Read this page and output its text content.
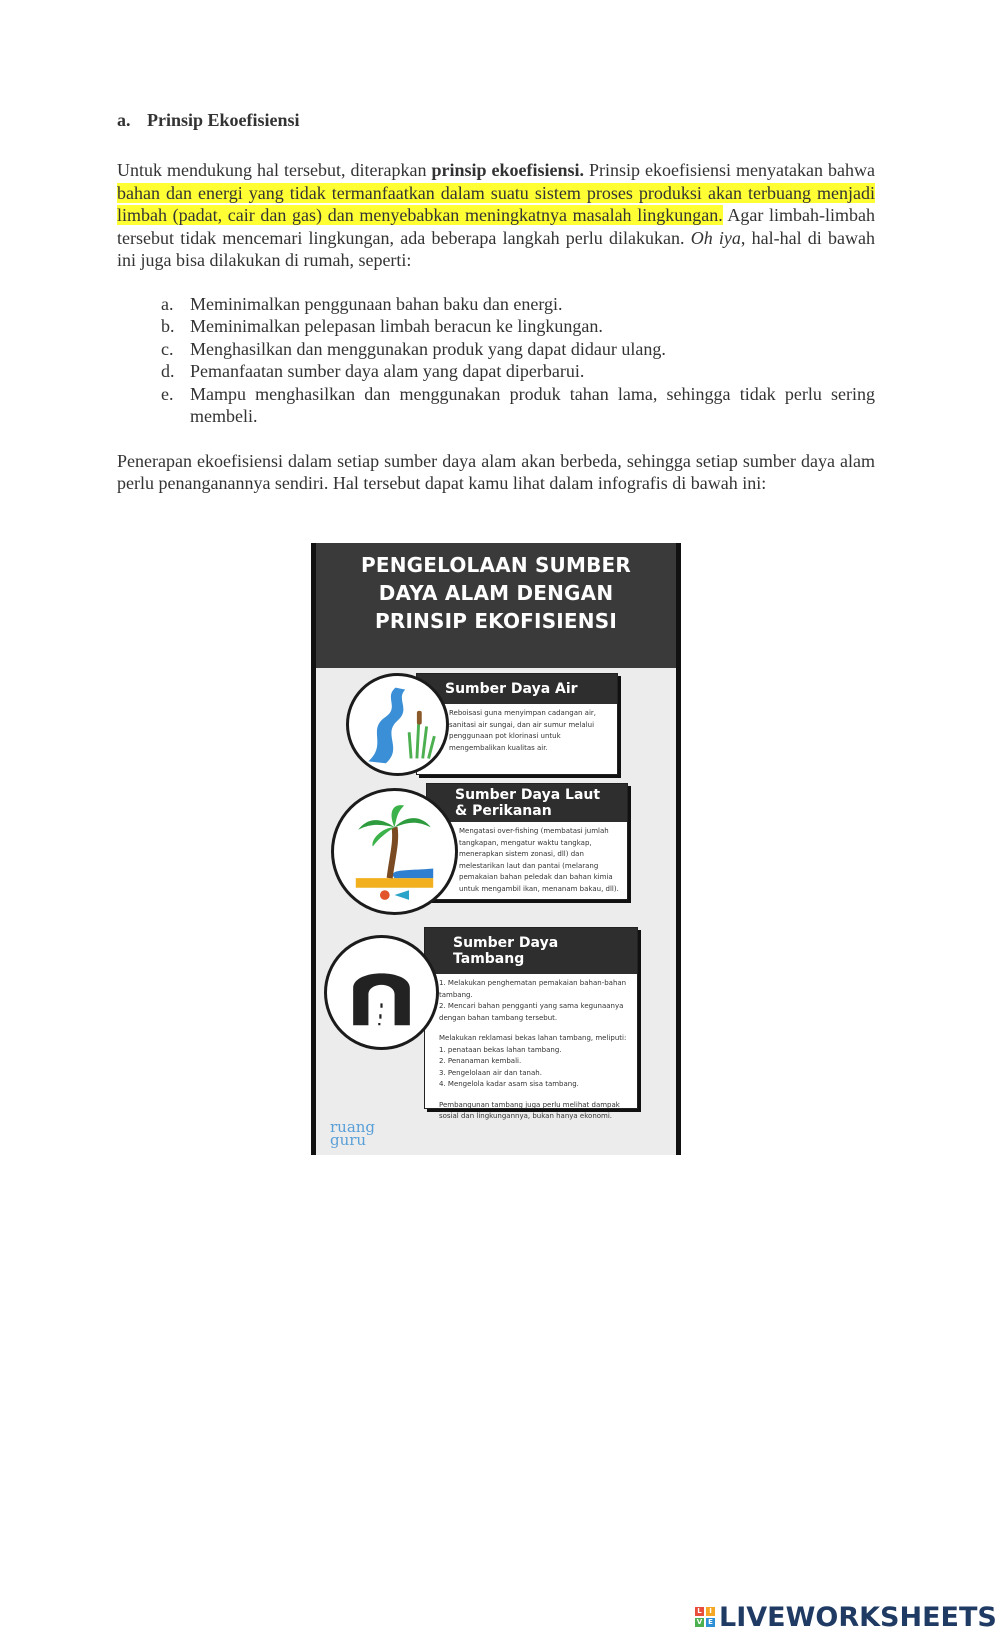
a. Prinsip Ekoefisiensi

Untuk mendukung hal tersebut, diterapkan prinsip ekoefisiensi. Prinsip ekoefisiensi menyatakan bahwa bahan dan energi yang tidak termanfaatkan dalam suatu sistem proses produksi akan terbuang menjadi limbah (padat, cair dan gas) dan menyebabkan meningkatnya masalah lingkungan. Agar limbah-limbah tersebut tidak mencemari lingkungan, ada beberapa langkah perlu dilakukan. Oh iya, hal-hal di bawah ini juga bisa dilakukan di rumah, seperti:

a. Meminimalkan penggunaan bahan baku dan energi.
b. Meminimalkan pelepasan limbah beracun ke lingkungan.
c. Menghasilkan dan menggunakan produk yang dapat didaur ulang.
d. Pemanfaatan sumber daya alam yang dapat diperbarui.
e. Mampu menghasilkan dan menggunakan produk tahan lama, sehingga tidak perlu sering membeli.

Penerapan ekoefisiensi dalam setiap sumber daya alam akan berbeda, sehingga setiap sumber daya alam perlu penanganannya sendiri. Hal tersebut dapat kamu lihat dalam infografis di bawah ini:

PENGELOLAAN SUMBER
DAYA ALAM DENGAN
PRINSIP EKOFISIENSI
Sumber Daya Air

Reboisasi guna menyimpan cadangan air, sanitasi air sungai, dan air sumur melalui penggunaan pot klorinasi untuk mengembalikan kualitas air.

Sumber Daya Laut & Perikanan

Mengatasi over-fishing (membatasi jumlah tangkapan, mengatur waktu tangkap, menerapkan sistem zonasi, dll) dan melestarikan laut dan pantai (melarang pemakaian bahan peledak dan bahan kimia untuk mengambil ikan, menanam bakau, dll).

Sumber Daya Tambang

1. Melakukan penghematan pemakaian bahan-bahan tambang.

2. Mencari bahan pengganti yang sama kegunaanya dengan bahan tambang tersebut.

Melakukan reklamasi bekas lahan tambang, meliputi:

1. penataan bekas lahan tambang.

2. Penanaman kembali.

3. Pengelolaan air dan tanah.

4. Mengelola kadar asam sisa tambang.

Pembangunan tambang juga perlu melihat dampak sosial dan lingkungannya, bukan hanya ekonomi.

ruang
guru
L	I
V E LIVEWORKSHEETS
